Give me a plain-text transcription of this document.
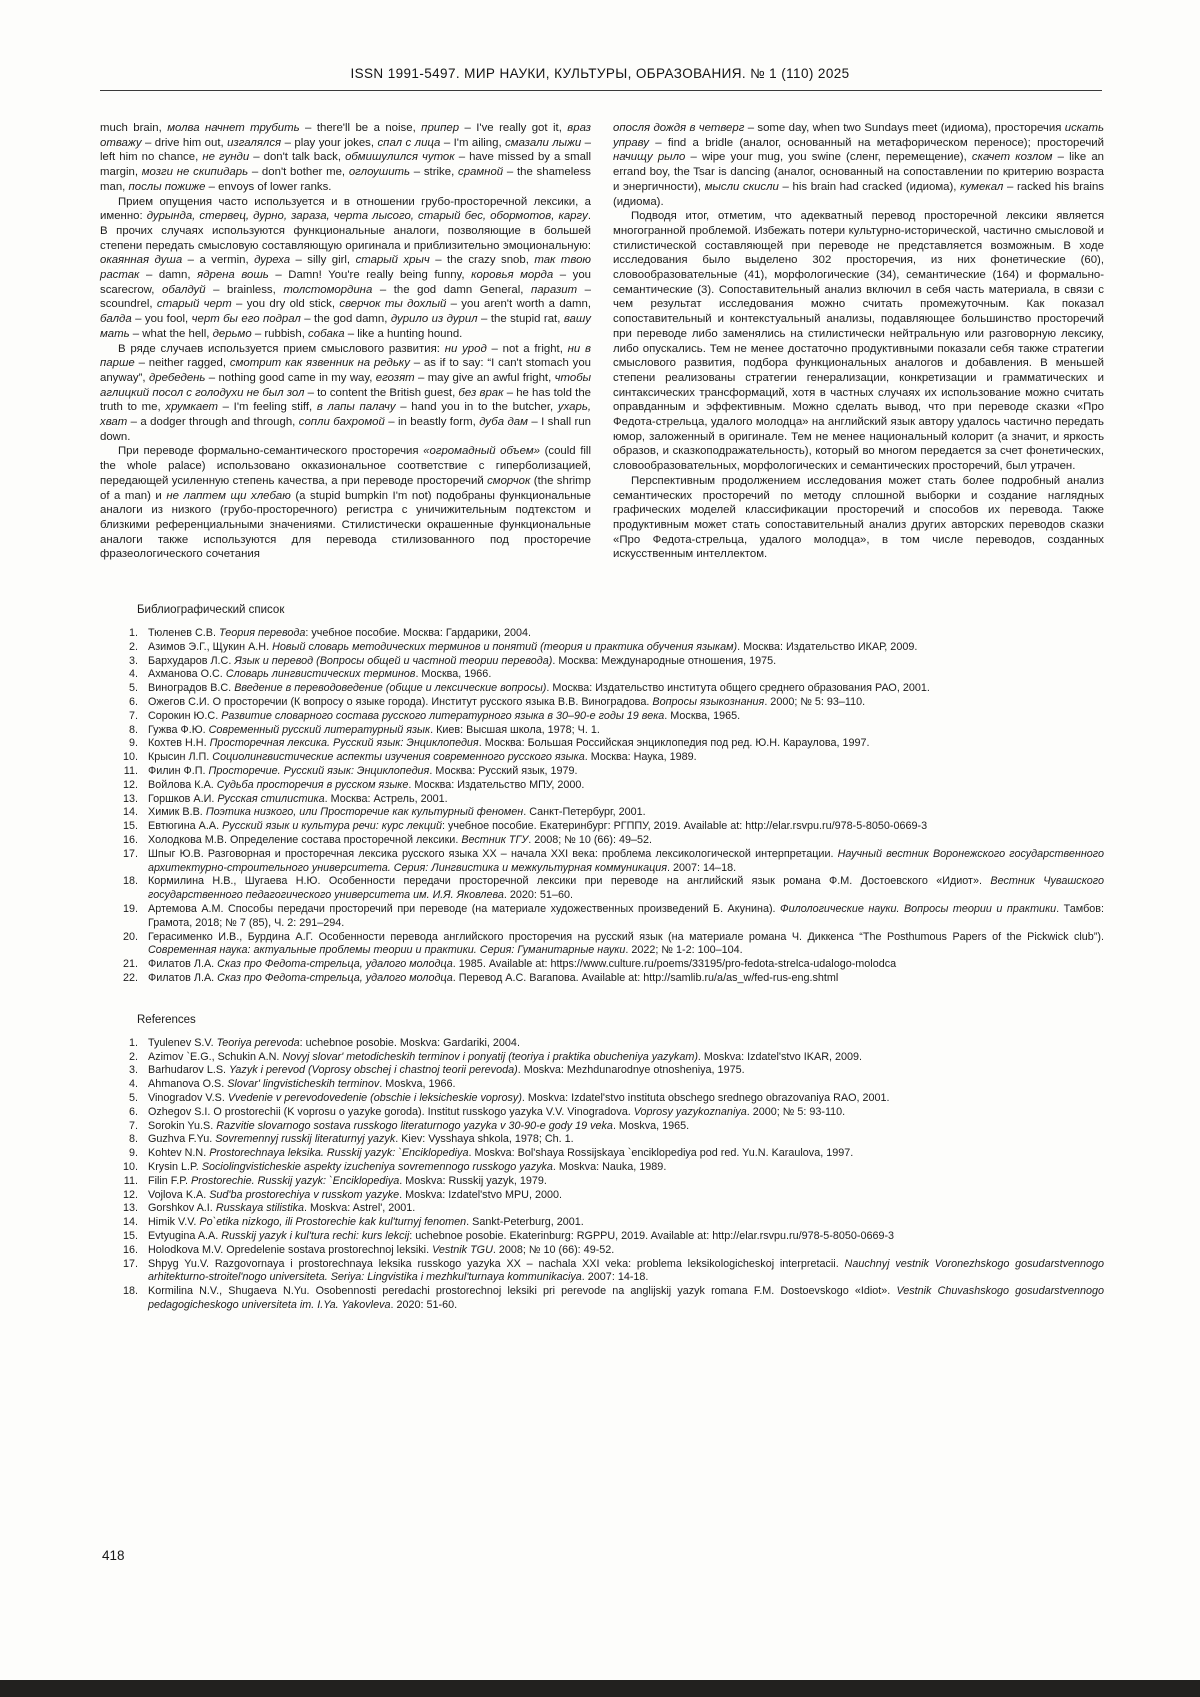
ISSN 1991-5497. МИР НАУКИ, КУЛЬТУРЫ, ОБРАЗОВАНИЯ. № 1 (110) 2025

much brain, молва начнет трубить – there'll be a noise, припер – I've really got it, враз отважу – drive him out, изгалялся – play your jokes, спал с лица – I'm ailing, смазали лыжи – left him no chance, не гунди – don't talk back, обмишулился чуток – have missed by a small margin, мозги не скипидарь – don't bother me, оглоушить – strike, срамной – the shameless man, послы пожиже – envoys of lower ranks.

Прием опущения часто используется и в отношении грубо-просторечной лексики, а именно: дурында, стервец, дурно, зараза, черта лысого, старый бес, обормотов, каргу. В прочих случаях используются функциональные аналоги, позволяющие в большей степени передать смысловую составляющую оригинала и приблизительно эмоциональную: окаянная душа – a vermin, дуреха – silly girl, старый хрыч – the crazy snob, так твою растак – damn, ядрена вошь – Damn! You're really being funny, коровья морда – you scarecrow, обалдуй – brainless, толстомордина – the god damn General, паразит – scoundrel, старый черт – you dry old stick, сверчок ты дохлый – you aren't worth a damn, балда – you fool, черт бы его подрал – the god damn, дурило из дурил – the stupid rat, вашу мать – what the hell, дерьмо – rubbish, собака – like a hunting hound.

В ряде случаев используется прием смыслового развития: ни урод – not a fright, ни в парше – neither ragged, смотрит как язвенник на редьку – as if to say: “I can't stomach you anyway”, дребедень – nothing good came in my way, егозят – may give an awful fright, чтобы аглицкий посол с голодухи не был зол – to content the British guest, без врак – he has told the truth to me, хрумкает – I'm feeling stiff, в лапы палачу – hand you in to the butcher, ухарь, хват – a dodger through and through, сопли бахромой – in beastly form, дуба дам – I shall run down.

При переводе формально-семантического просторечия «огромадный объем» (could fill the whole palace) использовано окказиональное соответствие с гиперболизацией, передающей усиленную степень качества, а при переводе просторечий сморчок (the shrimp of a man) и не лаптем щи хлебаю (a stupid bumpkin I'm not) подобраны функциональные аналоги из низкого (грубо-просторечного) регистра с уничижительным подтекстом и близкими референциальными значениями. Стилистически окрашенные функциональные аналоги также используются для перевода стилизованного под просторечие фразеологического сочетания

опосля дождя в четверг – some day, when two Sundays meet (идиома), просторечия искать управу – find a bridle (аналог, основанный на метафорическом переносе); просторечий начищу рыло – wipe your mug, you swine (сленг, перемещение), скачет козлом – like an errand boy, the Tsar is dancing (аналог, основанный на сопоставлении по критерию возраста и энергичности), мысли скисли – his brain had cracked (идиома), кумекал – racked his brains (идиома).

Подводя итог, отметим, что адекватный перевод просторечной лексики является многогранной проблемой. Избежать потери культурно-исторической, частично смысловой и стилистической составляющей при переводе не представляется возможным. В ходе исследования было выделено 302 просторечия, из них фонетические (60), словообразовательные (41), морфологические (34), семантические (164) и формально-семантические (3). Сопоставительный анализ включил в себя часть материала, в связи с чем результат исследования можно считать промежуточным. Как показал сопоставительный и контекстуальный анализы, подавляющее большинство просторечий при переводе либо заменялись на стилистически нейтральную или разговорную лексику, либо опускались. Тем не менее достаточно продуктивными показали себя также стратегии смыслового развития, подбора функциональных аналогов и добавления. В меньшей степени реализованы стратегии генерализации, конкретизации и грамматических и синтаксических трансформаций, хотя в частных случаях их использование можно считать оправданным и эффективным. Можно сделать вывод, что при переводе сказки «Про Федота-стрельца, удалого молодца» на английский язык автору удалось частично передать юмор, заложенный в оригинале. Тем не менее национальный колорит (а значит, и яркость образов, и сказкоподражательность), который во многом передается за счет фонетических, словообразовательных, морфологических и семантических просторечий, был утрачен.

Перспективным продолжением исследования может стать более подробный анализ семантических просторечий по методу сплошной выборки и создание наглядных графических моделей классификации просторечий и способов их перевода. Также продуктивным может стать сопоставительный анализ других авторских переводов сказки «Про Федота-стрельца, удалого молодца», в том числе переводов, созданных искусственным интеллектом.

Библиографический список
1. Тюленев С.В. Теория перевода: учебное пособие. Москва: Гардарики, 2004.
2. Азимов Э.Г., Щукин А.Н. Новый словарь методических терминов и понятий (теория и практика обучения языкам). Москва: Издательство ИКАР, 2009.
3. Бархударов Л.С. Язык и перевод (Вопросы общей и частной теории перевода). Москва: Международные отношения, 1975.
4. Ахманова О.С. Словарь лингвистических терминов. Москва, 1966.
5. Виноградов В.С. Введение в переводоведение (общие и лексические вопросы). Москва: Издательство института общего среднего образования РАО, 2001.
6. Ожегов С.И. О просторечии (К вопросу о языке города). Институт русского языка В.В. Виноградова. Вопросы языкознания. 2000; № 5: 93–110.
7. Сорокин Ю.С. Развитие словарного состава русского литературного языка в 30–90-е годы 19 века. Москва, 1965.
8. Гужва Ф.Ю. Современный русский литературный язык. Киев: Высшая школа, 1978; Ч. 1.
9. Кохтев Н.Н. Просторечная лексика. Русский язык: Энциклопедия. Москва: Большая Российская энциклопедия под ред. Ю.Н. Караулова, 1997.
10. Крысин Л.П. Социолингвистические аспекты изучения современного русского языка. Москва: Наука, 1989.
11. Филин Ф.П. Просторечие. Русский язык: Энциклопедия. Москва: Русский язык, 1979.
12. Войлова К.А. Судьба просторечия в русском языке. Москва: Издательство МПУ, 2000.
13. Горшков А.И. Русская стилистика. Москва: Астрель, 2001.
14. Химик В.В. Поэтика низкого, или Просторечие как культурный феномен. Санкт-Петербург, 2001.
15. Евтюгина А.А. Русский язык и культура речи: курс лекций: учебное пособие. Екатеринбург: РГППУ, 2019. Available at: http://elar.rsvpu.ru/978-5-8050-0669-3
16. Холодкова М.В. Определение состава просторечной лексики. Вестник ТГУ. 2008; № 10 (66): 49–52.
17. Шпыг Ю.В. Разговорная и просторечная лексика русского языка XX – начала XXI века: проблема лексикологической интерпретации. Научный вестник Воронежского государственного архитектурно-строительного университета. Серия: Лингвистика и межкультурная коммуникация. 2007: 14–18.
18. Кормилина Н.В., Шугаева Н.Ю. Особенности передачи просторечной лексики при переводе на английский язык романа Ф.М. Достоевского «Идиот». Вестник Чувашского государственного педагогического университета им. И.Я. Яковлева. 2020: 51–60.
19. Артемова А.М. Способы передачи просторечий при переводе (на материале художественных произведений Б. Акунина). Филологические науки. Вопросы теории и практики. Тамбов: Грамота, 2018; № 7 (85), Ч. 2: 291–294.
20. Герасименко И.В., Бурдина А.Г. Особенности перевода английского просторечия на русский язык (на материале романа Ч. Диккенса “The Posthumous Papers of the Pickwick club”). Современная наука: актуальные проблемы теории и практики. Серия: Гуманитарные науки. 2022; № 1-2: 100–104.
21. Филатов Л.А. Сказ про Федота-стрельца, удалого молодца. 1985. Available at: https://www.culture.ru/poems/33195/pro-fedota-strelca-udalogo-molodca
22. Филатов Л.А. Сказ про Федота-стрельца, удалого молодца. Перевод А.С. Вагапова. Available at: http://samlib.ru/a/as_w/fed-rus-eng.shtml
References
1. Tyulenev S.V. Teoriya perevoda: uchebnoe posobie. Moskva: Gardariki, 2004.
2. Azimov `E.G., Schukin A.N. Novyj slovar' metodicheskih terminov i ponyatij (teoriya i praktika obucheniya yazykam). Moskva: Izdatel'stvo IKAR, 2009.
3. Barhudarov L.S. Yazyk i perevod (Voprosy obschej i chastnoj teorii perevoda). Moskva: Mezhdunarodnye otnosheniya, 1975.
4. Ahmanova O.S. Slovar' lingvisticheskih terminov. Moskva, 1966.
5. Vinogradov V.S. Vvedenie v perevodovedenie (obschie i leksicheskie voprosy). Moskva: Izdatel'stvo instituta obschego srednego obrazovaniya RAO, 2001.
6. Ozhegov S.I. O prostorechii (K voprosu o yazyke goroda). Institut russkogo yazyka V.V. Vinogradova. Voprosy yazykoznaniya. 2000; № 5: 93-110.
7. Sorokin Yu.S. Razvitie slovarnogo sostava russkogo literaturnogo yazyka v 30-90-e gody 19 veka. Moskva, 1965.
8. Guzhva F.Yu. Sovremennyj russkij literaturnyj yazyk. Kiev: Vysshaya shkola, 1978; Ch. 1.
9. Kohtev N.N. Prostorechnaya leksika. Russkij yazyk: `Enciklopediya. Moskva: Bol'shaya Rossijskaya `enciklopediya pod red. Yu.N. Karaulova, 1997.
10. Krysin L.P. Sociolingvisticheskie aspekty izucheniya sovremennogo russkogo yazyka. Moskva: Nauka, 1989.
11. Filin F.P. Prostorechie. Russkij yazyk: `Enciklopediya. Moskva: Russkij yazyk, 1979.
12. Vojlova K.A. Sud'ba prostorechiya v russkom yazyke. Moskva: Izdatel'stvo MPU, 2000.
13. Gorshkov A.I. Russkaya stilistika. Moskva: Astrel', 2001.
14. Himik V.V. Po`etika nizkogo, ili Prostorechie kak kul'turnyj fenomen. Sankt-Peterburg, 2001.
15. Evtyugina A.A. Russkij yazyk i kul'tura rechi: kurs lekcij: uchebnoe posobie. Ekaterinburg: RGPPU, 2019. Available at: http://elar.rsvpu.ru/978-5-8050-0669-3
16. Holodkova M.V. Opredelenie sostava prostorechnoj leksiki. Vestnik TGU. 2008; № 10 (66): 49-52.
17. Shpyg Yu.V. Razgovornaya i prostorechnaya leksika russkogo yazyka XX – nachala XXI veka: problema leksikologicheskoj interpretacii. Nauchnyj vestnik Voronezhskogo gosudarstvennogo arhitekturno-stroitel'nogo universiteta. Seriya: Lingvistika i mezhkul'turnaya kommunikaciya. 2007: 14-18.
18. Kormilina N.V., Shugaeva N.Yu. Osobennosti peredachi prostorechnoj leksiki pri perevode na anglijskij yazyk romana F.M. Dostoevskogo «Idiot». Vestnik Chuvashskogo gosudarstvennogo pedagogicheskogo universiteta im. I.Ya. Yakovleva. 2020: 51-60.
418
